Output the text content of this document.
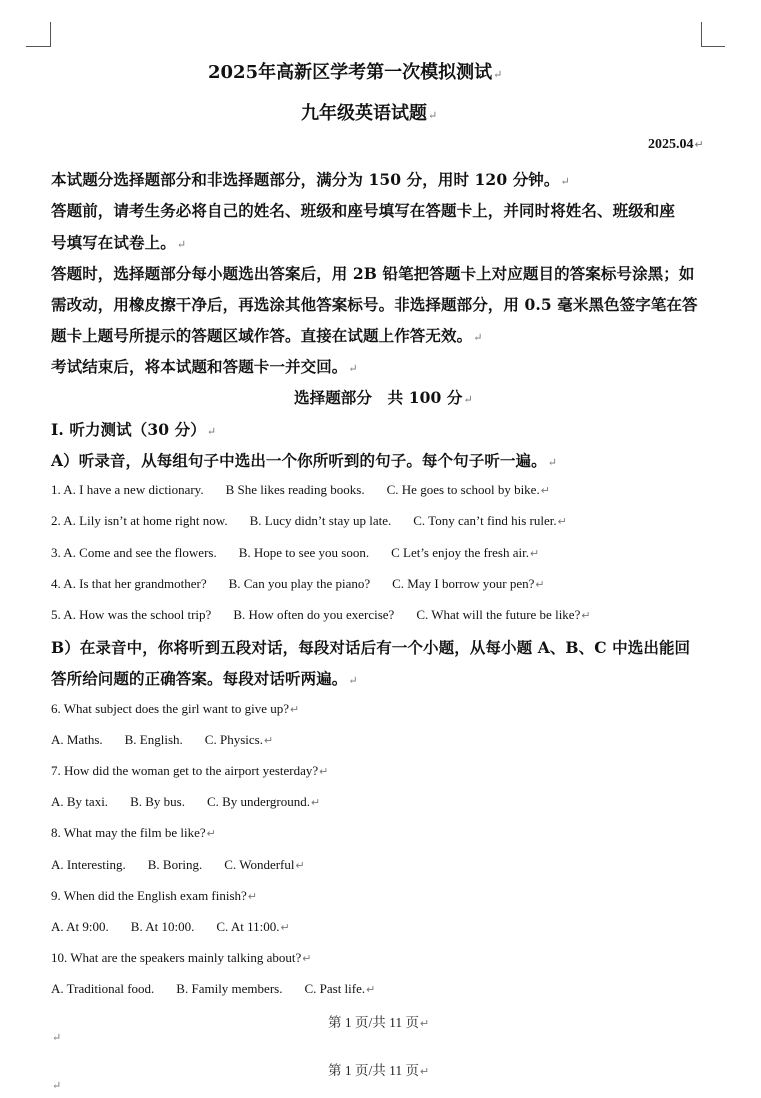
2025年高新区学考第一次模拟测试↵
九年级英语试题↵
2025.04↵
本试题分选择题部分和非选择题部分，满分为 150 分，用时 120 分钟。↵
答题前，请考生务必将自己的姓名、班级和座号填写在答题卡上，并同时将姓名、班级和座
号填写在试卷上。↵
答题时，选择题部分每小题选出答案后，用 2B 铅笔把答题卡上对应题目的答案标号涂黑；如
需改动，用橡皮擦干净后，再选涂其他答案标号。非选择题部分，用 0.5 毫米黑色签字笔在答
题卡上题号所提示的答题区域作答。直接在试题上作答无效。↵
考试结束后，将本试题和答题卡一并交回。↵
选择题部分　共 100 分↵
Ⅰ. 听力测试（30 分）↵
A）听录音，从每组句子中选出一个你所听到的句子。每个句子听一遍。↵
1. A. I have a new dictionary. B She likes reading books. C. He goes to school by bike.↵
2. A. Lily isn’t at home right now. B. Lucy didn’t stay up late. C. Tony can’t find his ruler.↵
3. A. Come and see the flowers. B. Hope to see you soon. C Let’s enjoy the fresh air.↵
4. A. Is that her grandmother? B. Can you play the piano? C. May I borrow your pen?↵
5. A. How was the school trip? B. How often do you exercise? C. What will the future be like?↵
B）在录音中，你将听到五段对话，每段对话后有一个小题，从每小题 A、B、C 中选出能回
答所给问题的正确答案。每段对话听两遍。↵
6. What subject does the girl want to give up?↵
A. Maths. B. English. C. Physics.↵
7. How did the woman get to the airport yesterday?↵
A. By taxi. B. By bus. C. By underground.↵
8. What may the film be like?↵
A. Interesting. B. Boring. C. Wonderful↵
9. When did the English exam finish?↵
A. At 9:00. B. At 10:00. C. At 11:00.↵
10. What are the speakers mainly talking about?↵
A. Traditional food. B. Family members. C. Past life.↵
第 1 页/共 11 页↵
↵
第 1 页/共 11 页↵
↵
